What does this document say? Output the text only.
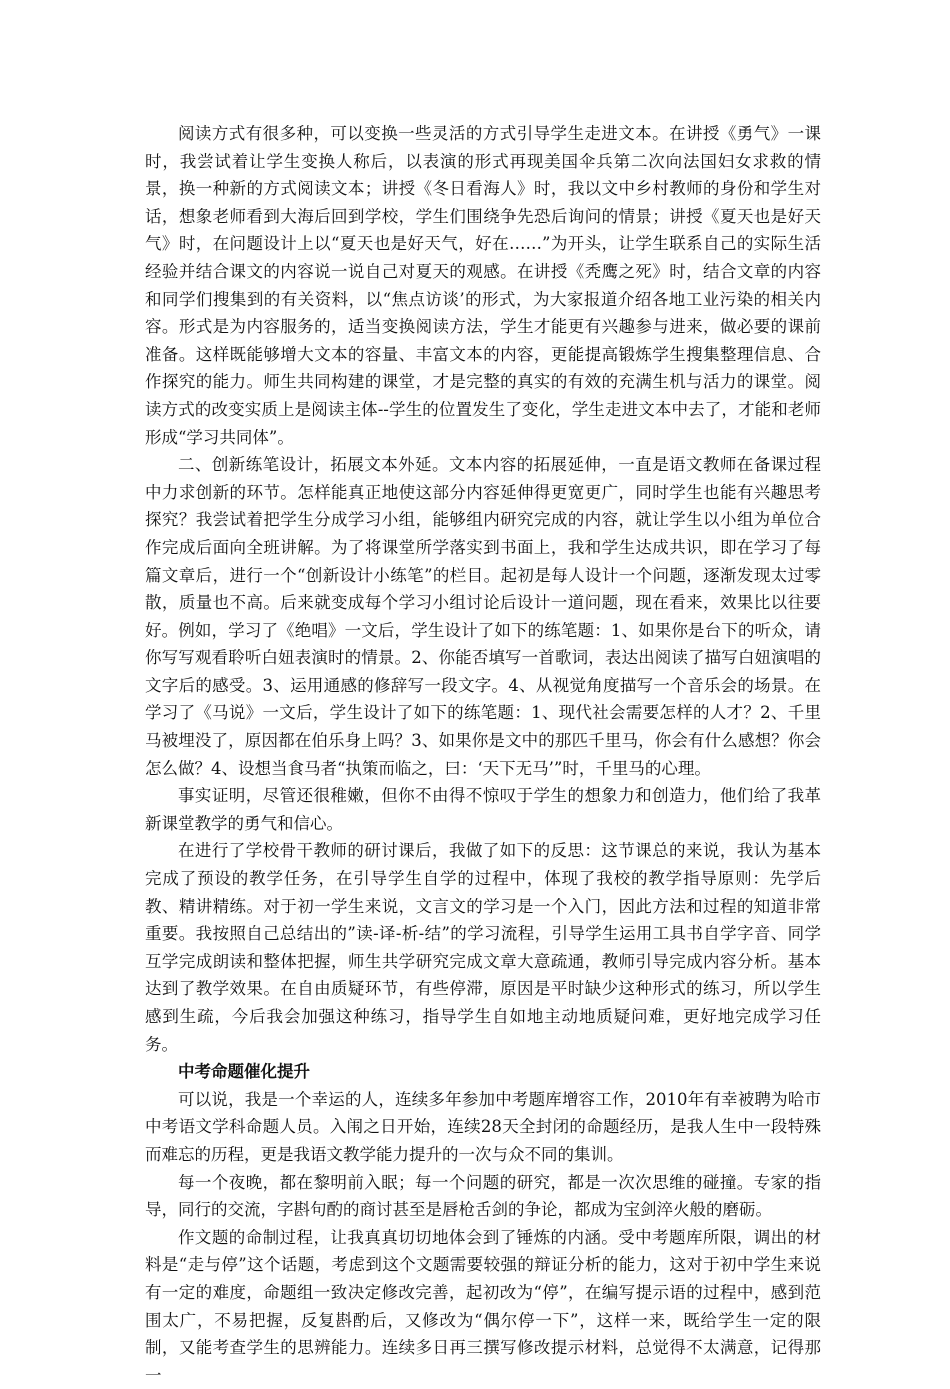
阅读方式有很多种，可以变换一些灵活的方式引导学生走进文本。在讲授《勇气》一课时，我尝试着让学生变换人称后，以表演的形式再现美国伞兵第二次向法国妇女求救的情景，换一种新的方式阅读文本；讲授《冬日看海人》时，我以文中乡村教师的身份和学生对话，想象老师看到大海后回到学校，学生们围绕争先恐后询问的情景；讲授《夏天也是好天气》时，在问题设计上以“夏天也是好天气，好在……”为开头，让学生联系自己的实际生活经验并结合课文的内容说一说自己对夏天的观感。在讲授《秃鹰之死》时，结合文章的内容和同学们搜集到的有关资料，以“焦点访谈’的形式，为大家报道介绍各地工业污染的相关内容。形式是为内容服务的，适当变换阅读方法，学生才能更有兴趣参与进来，做必要的课前准备。这样既能够增大文本的容量、丰富文本的内容，更能提高锻炼学生搜集整理信息、合作探究的能力。师生共同构建的课堂，才是完整的真实的有效的充满生机与活力的课堂。阅读方式的改变实质上是阅读主体--学生的位置发生了变化，学生走进文本中去了，才能和老师形成“学习共同体”。

二、创新练笔设计，拓展文本外延。文本内容的拓展延伸，一直是语文教师在备课过程中力求创新的环节。怎样能真正地使这部分内容延伸得更宽更广，同时学生也能有兴趣思考探究？我尝试着把学生分成学习小组，能够组内研究完成的内容，就让学生以小组为单位合作完成后面向全班讲解。为了将课堂所学落实到书面上，我和学生达成共识，即在学习了每篇文章后，进行一个“创新设计小练笔”的栏目。起初是每人设计一个问题，逐渐发现太过零散，质量也不高。后来就变成每个学习小组讨论后设计一道问题，现在看来，效果比以往要好。例如，学习了《绝唱》一文后，学生设计了如下的练笔题：1、如果你是台下的听众，请你写写观看聆听白妞表演时的情景。2、你能否填写一首歌词，表达出阅读了描写白妞演唱的文字后的感受。3、运用通感的修辞写一段文字。4、从视觉角度描写一个音乐会的场景。在学习了《马说》一文后，学生设计了如下的练笔题：1、现代社会需要怎样的人才？2、千里马被埋没了，原因都在伯乐身上吗？3、如果你是文中的那匹千里马，你会有什么感想？你会怎么做？4、设想当食马者“执策而临之，曰：‘天下无马’”时，千里马的心理。

事实证明，尽管还很稚嫩，但你不由得不惊叹于学生的想象力和创造力，他们给了我革新课堂教学的勇气和信心。

在进行了学校骨干教师的研讨课后，我做了如下的反思：这节课总的来说，我认为基本完成了预设的教学任务，在引导学生自学的过程中，体现了我校的教学指导原则：先学后教、精讲精练。对于初一学生来说，文言文的学习是一个入门，因此方法和过程的知道非常重要。我按照自己总结出的”读-译-析-结”的学习流程，引导学生运用工具书自学字音、同学互学完成朗读和整体把握，师生共学研究完成文章大意疏通，教师引导完成内容分析。基本达到了教学效果。在自由质疑环节，有些停滞，原因是平时缺少这种形式的练习，所以学生感到生疏，今后我会加强这种练习，指导学生自如地主动地质疑问难，更好地完成学习任务。

中考命题催化提升

可以说，我是一个幸运的人，连续多年参加中考题库增容工作，2010年有幸被聘为哈市中考语文学科命题人员。入闱之日开始，连续28天全封闭的命题经历，是我人生中一段特殊而难忘的历程，更是我语文教学能力提升的一次与众不同的集训。

每一个夜晚，都在黎明前入眠；每一个问题的研究，都是一次次思维的碰撞。专家的指导，同行的交流，字斟句酌的商讨甚至是唇枪舌剑的争论，都成为宝剑淬火般的磨砺。

作文题的命制过程，让我真真切切地体会到了锤炼的内涵。受中考题库所限，调出的材料是“走与停”这个话题，考虑到这个文题需要较强的辩证分析的能力，这对于初中学生来说有一定的难度，命题组一致决定修改完善，起初改为“停”，在编写提示语的过程中，感到范围太广，不易把握，反复斟酌后，又修改为“偶尔停一下”，这样一来，既给学生一定的限制，又能考查学生的思辨能力。连续多日再三撰写修改提示材料，总觉得不太满意，记得那一
